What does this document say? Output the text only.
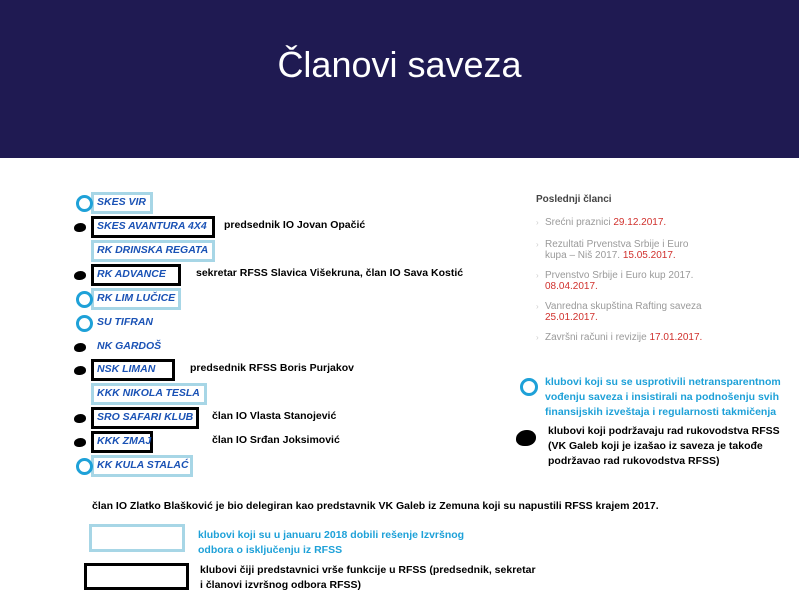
Članovi saveza
SKES VIR
SKES AVANTURA 4X4 predsednik IO Jovan Opačić
RK DRINSKA REGATA
RK ADVANCE	sekretar RFSS Slavica Višekruna, član IO Sava Kostić
RK LIM LUČICE
SU TIFRAN
NK GARDOŠ
NSK LIMAN	predsednik RFSS Boris Purjakov
KKK NIKOLA TESLA
SRO SAFARI KLUB član IO Vlasta Stanojević
KKK ZMAJ	član IO Srđan Joksimović
KK KULA STALAĆ
Poslednji članci
› Srećni praznici 29.12.2017.
› Rezultati Prvenstva Srbije i Euro kupa – Niš 2017. 15.05.2017.
› Prvenstvo Srbije i Euro kup 2017. 08.04.2017.
› Vanredna skupština Rafting saveza 25.01.2017.
› Završni računi i revizije 17.01.2017.
klubovi koji su se usprotivili netransparentnom vođenju saveza i insistirali na podnošenju svih finansijskih izveštaja i regularnosti takmičenja
klubovi koji podržavaju rad rukovodstva RFSS (VK Galeb koji je izašao iz saveza je takođe podržavao rad rukovodstva RFSS)
član IO Zlatko Blašković je bio delegiran kao predstavnik VK Galeb iz Zemuna koji su napustili RFSS krajem 2017.
klubovi koji su u januaru 2018 dobili rešenje Izvršnog odbora o isključenju iz RFSS
klubovi čiji predstavnici vrše funkcije u RFSS (predsednik, sekretar i članovi izvršnog odbora RFSS)
